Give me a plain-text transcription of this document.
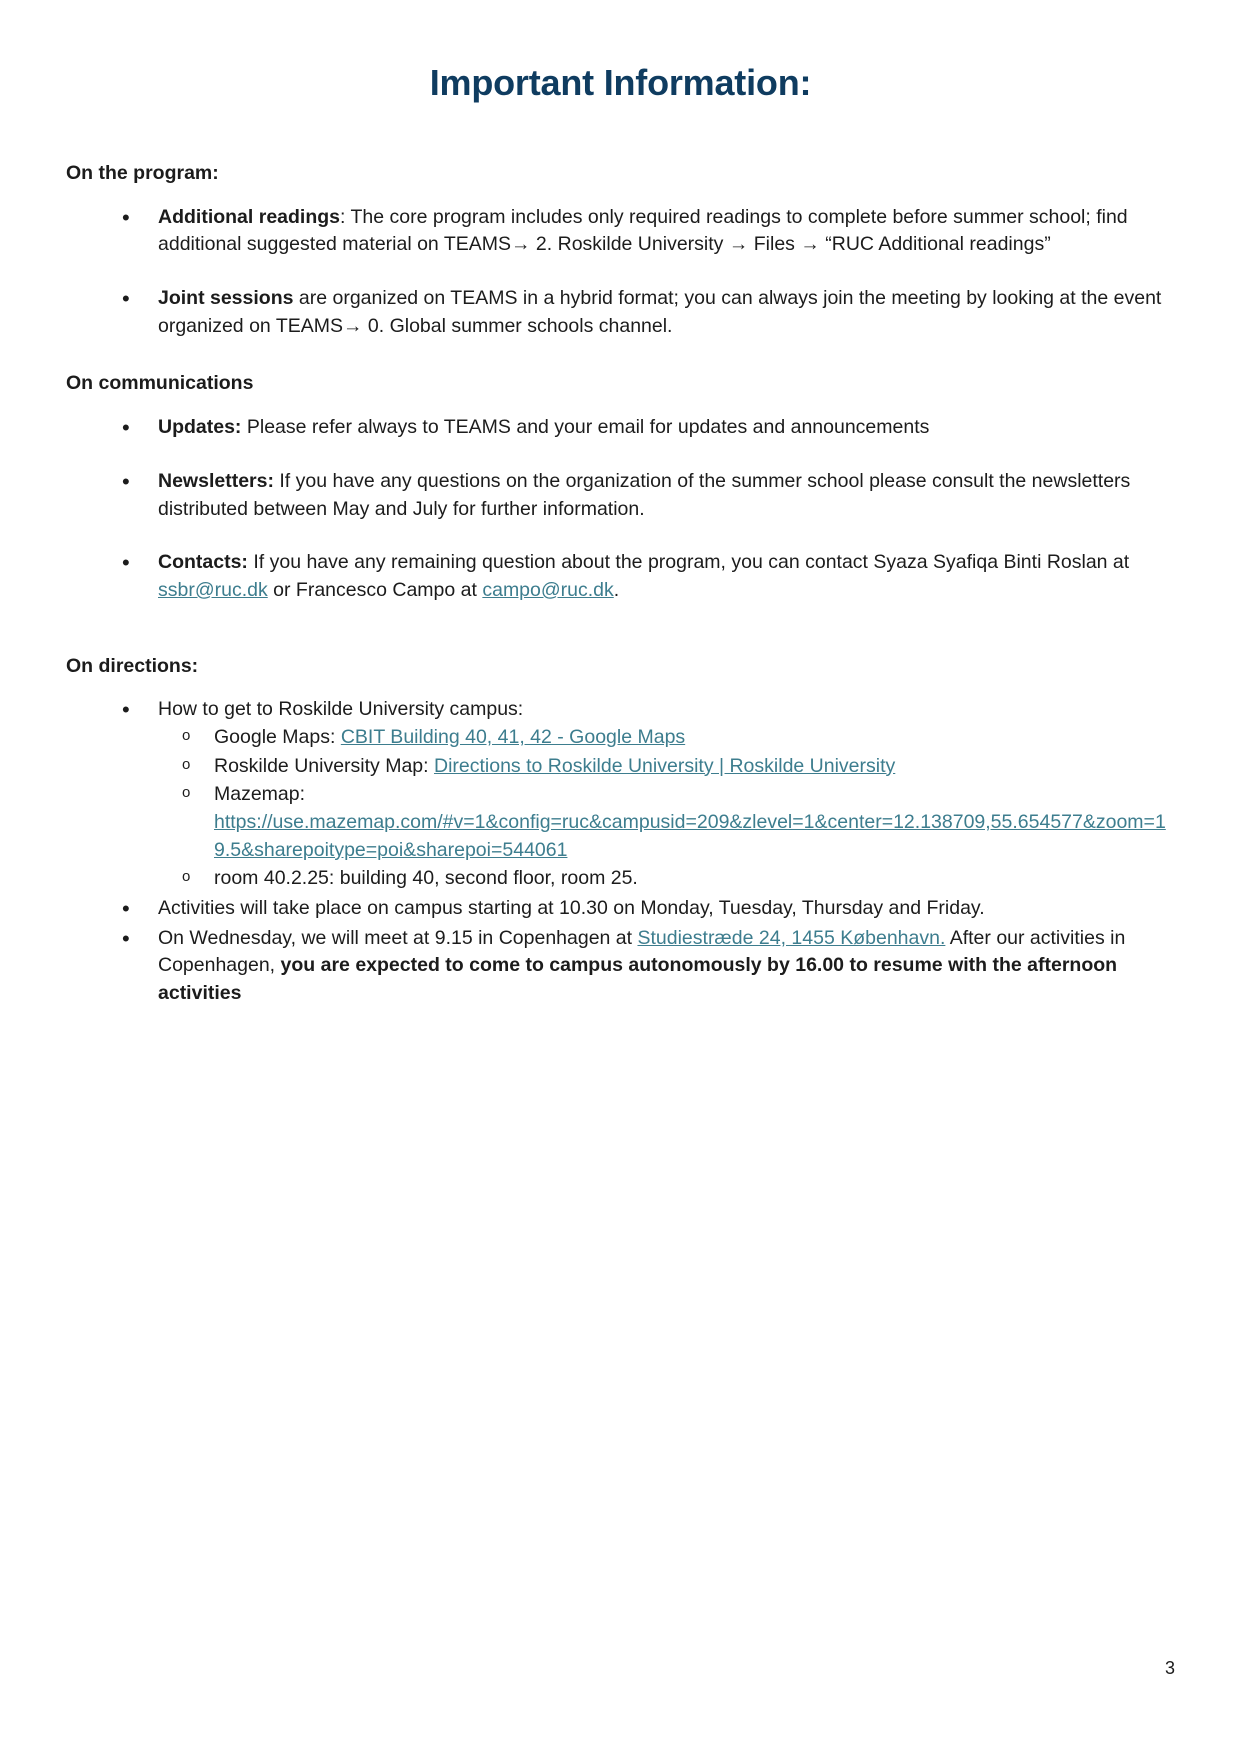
Important Information:
On the program:
• Additional readings: The core program includes only required readings to complete before summer school; find additional suggested material on TEAMS→ 2. Roskilde University → Files → “RUC Additional readings”
• Joint sessions are organized on TEAMS in a hybrid format; you can always join the meeting by looking at the event organized on TEAMS→ 0. Global summer schools channel.
On communications
• Updates: Please refer always to TEAMS and your email for updates and announcements
• Newsletters: If you have any questions on the organization of the summer school please consult the newsletters distributed between May and July for further information.
• Contacts: If you have any remaining question about the program, you can contact Syaza Syafiqa Binti Roslan at ssbr@ruc.dk or Francesco Campo at campo@ruc.dk.
On directions:
• How to get to Roskilde University campus:
o Google Maps: CBIT Building 40, 41, 42 - Google Maps
o Roskilde University Map: Directions to Roskilde University | Roskilde University
o Mazemap:
https://use.mazemap.com/#v=1&config=ruc&campusid=209&zlevel=1&center=12.138709,55.654577&zoom=19.5&sharepoitype=poi&sharepoi=544061
o room 40.2.25: building 40, second floor, room 25.
• Activities will take place on campus starting at 10.30 on Monday, Tuesday, Thursday and Friday.
• On Wednesday, we will meet at 9.15 in Copenhagen at Studiestræde 24, 1455 København. After our activities in Copenhagen, you are expected to come to campus autonomously by 16.00 to resume with the afternoon activities
3
